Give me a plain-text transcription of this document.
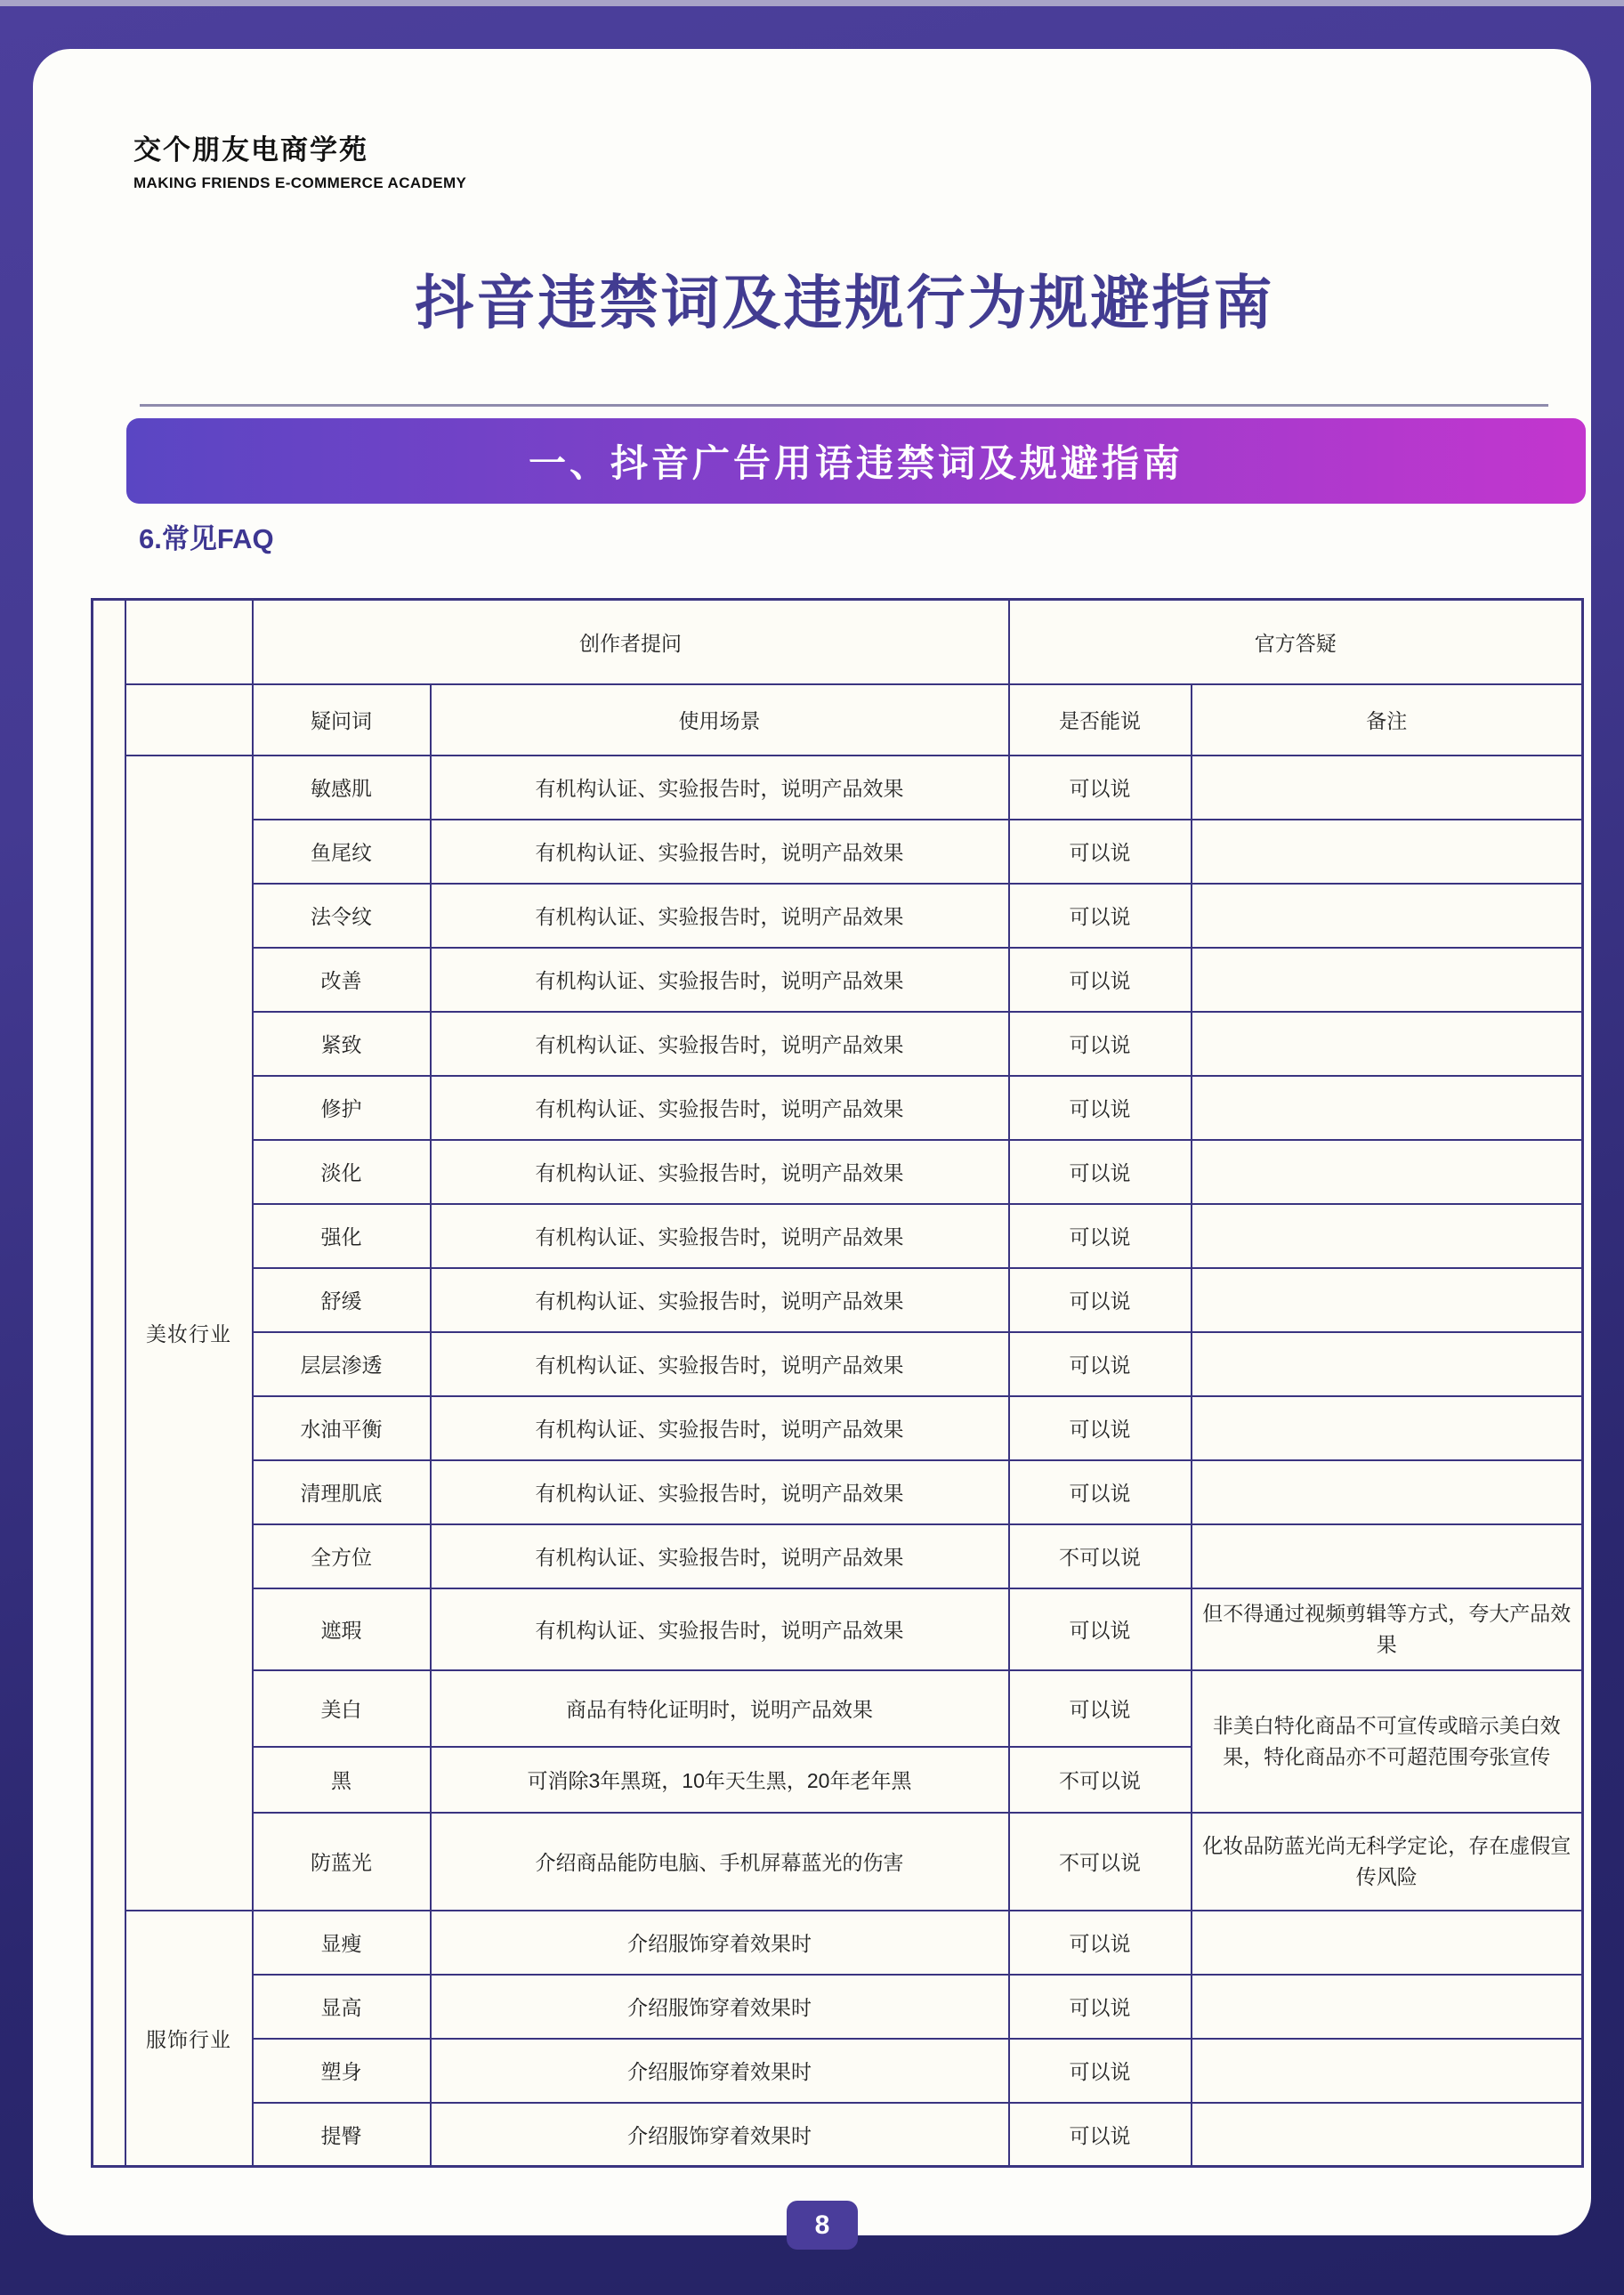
交个朋友电商学苑
MAKING FRIENDS E-COMMERCE ACADEMY
抖音违禁词及违规行为规避指南
一、抖音广告用语违禁词及规避指南
6.常见FAQ
		创作者提问		官方答疑	
		疑问词	使用场景	是否能说	备注
	美妆行业	敏感肌	有机构认证、实验报告时，说明产品效果	可以说	
		鱼尾纹	有机构认证、实验报告时，说明产品效果	可以说	
		法令纹	有机构认证、实验报告时，说明产品效果	可以说	
		改善	有机构认证、实验报告时，说明产品效果	可以说	
		紧致	有机构认证、实验报告时，说明产品效果	可以说	
		修护	有机构认证、实验报告时，说明产品效果	可以说	
		淡化	有机构认证、实验报告时，说明产品效果	可以说	
		强化	有机构认证、实验报告时，说明产品效果	可以说	
		舒缓	有机构认证、实验报告时，说明产品效果	可以说	
		层层渗透	有机构认证、实验报告时，说明产品效果	可以说	
		水油平衡	有机构认证、实验报告时，说明产品效果	可以说	
		清理肌底	有机构认证、实验报告时，说明产品效果	可以说	
		全方位	有机构认证、实验报告时，说明产品效果	不可以说	
		遮瑕	有机构认证、实验报告时，说明产品效果	可以说	但不得通过视频剪辑等方式，夸大产品效果
		美白	商品有特化证明时，说明产品效果	可以说	非美白特化商品不可宣传或暗示美白效果，特化商品亦不可超范围夸张宣传
		黑	可消除3年黑斑，10年天生黑，20年老年黑	不可以说	
		防蓝光	介绍商品能防电脑、手机屏幕蓝光的伤害	不可以说	化妆品防蓝光尚无科学定论，存在虚假宣传风险
	服饰行业	显瘦	介绍服饰穿着效果时	可以说	
		显高	介绍服饰穿着效果时	可以说	
		塑身	介绍服饰穿着效果时	可以说	
		提臀	介绍服饰穿着效果时	可以说	
8
